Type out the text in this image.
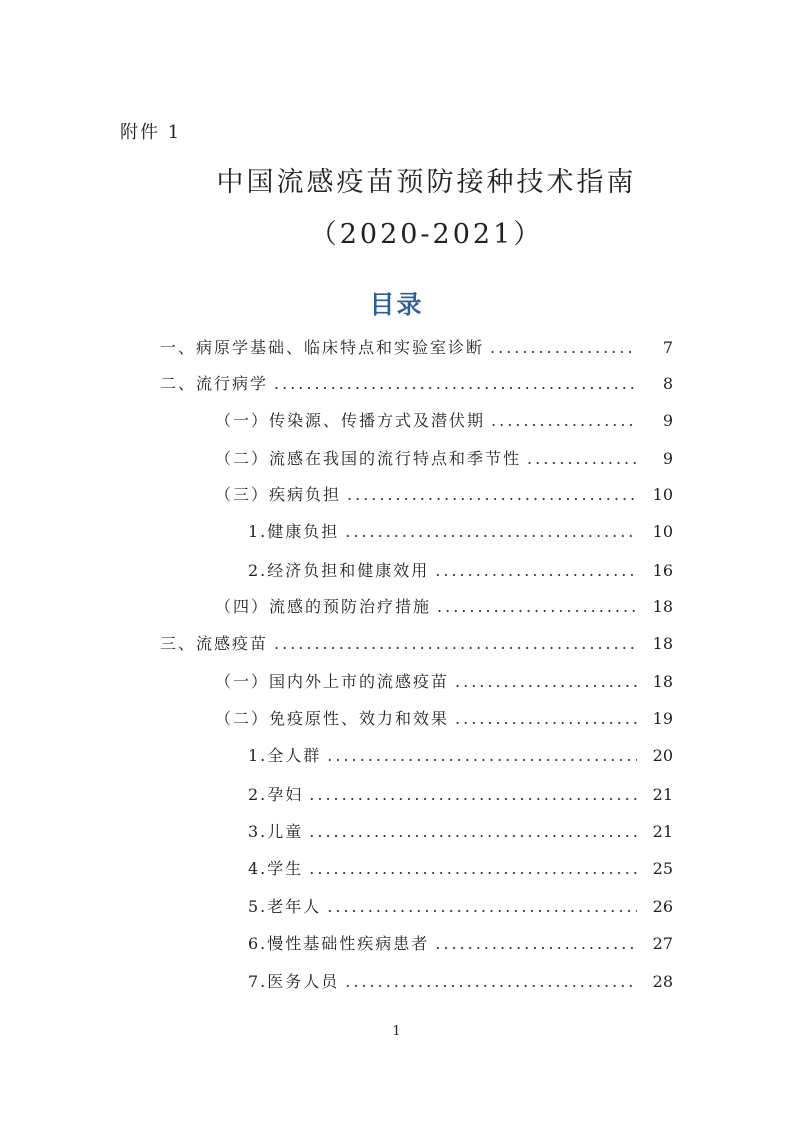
附件 1
中国流感疫苗预防接种技术指南
（2020-2021）
目录
一、病原学基础、临床特点和实验室诊断 .....	7
二、流行病学 .....	8
（一）传染源、传播方式及潜伏期 .....	9
（二）流感在我国的流行特点和季节性 .....	9
（三）疾病负担 .....	10
1.健康负担 .....	10
2.经济负担和健康效用 .....	16
（四）流感的预防治疗措施 .....	18
三、流感疫苗 .....	18
（一）国内外上市的流感疫苗 .....	18
（二）免疫原性、效力和效果 .....	19
1.全人群 .....	20
2.孕妇 .....	21
3.儿童 .....	21
4.学生 .....	25
5.老年人 .....	26
6.慢性基础性疾病患者 .....	27
7.医务人员 .....	28
1
